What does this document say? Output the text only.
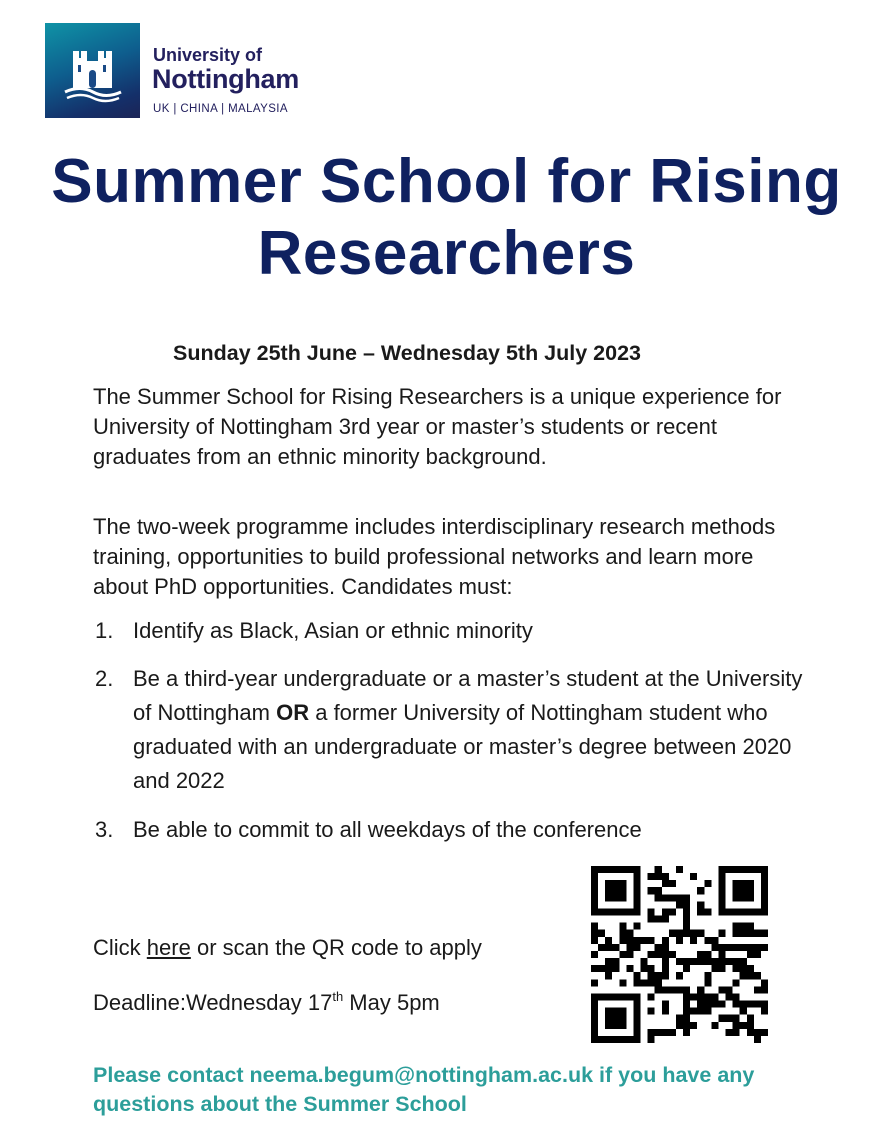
University of
Nottingham
UK | CHINA | MALAYSIA
Summer School for Rising Researchers
Sunday 25th June – Wednesday 5th July 2023
The Summer School for Rising Researchers is a unique experience for University of Nottingham 3rd year or master’s students or recent graduates from an ethnic minority background.
The two-week programme includes interdisciplinary research methods training, opportunities to build professional networks and learn more about PhD opportunities. Candidates must:
1. Identify as Black, Asian or ethnic minority
2. Be a third-year undergraduate or a master’s student at the University of Nottingham OR a former University of Nottingham student who graduated with an undergraduate or master’s degree between 2020 and 2022
3. Be able to commit to all weekdays of the conference
Click here or scan the QR code to apply
Deadline:Wednesday 17th May 5pm
Please contact neema.begum@nottingham.ac.uk if you have any questions about the Summer School
